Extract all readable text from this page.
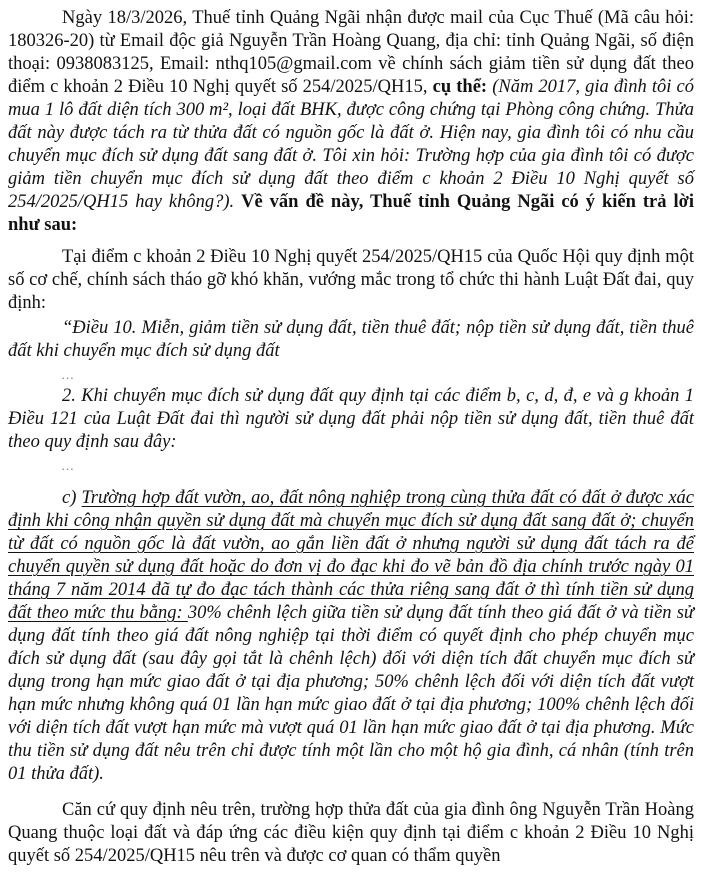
Ngày 18/3/2026, Thuế tỉnh Quảng Ngãi nhận được mail của Cục Thuế (Mã câu hỏi: 180326-20) từ Email độc giả Nguyễn Trần Hoàng Quang, địa chỉ: tỉnh Quảng Ngãi, số điện thoại: 0938083125, Email: nthq105@gmail.com về chính sách giảm tiền sử dụng đất theo điểm c khoản 2 Điều 10 Nghị quyết số 254/2025/QH15, cụ thể: (Năm 2017, gia đình tôi có mua 1 lô đất diện tích 300 m², loại đất BHK, được công chứng tại Phòng công chứng. Thửa đất này được tách ra từ thửa đất có nguồn gốc là đất ở. Hiện nay, gia đình tôi có nhu cầu chuyển mục đích sử dụng đất sang đất ở. Tôi xin hỏi: Trường hợp của gia đình tôi có được giảm tiền chuyển mục đích sử dụng đất theo điểm c khoản 2 Điều 10 Nghị quyết số 254/2025/QH15 hay không?). Về vấn đề này, Thuế tỉnh Quảng Ngãi có ý kiến trả lời như sau:

Tại điểm c khoản 2 Điều 10 Nghị quyết 254/2025/QH15 của Quốc Hội quy định một số cơ chế, chính sách tháo gỡ khó khăn, vướng mắc trong tổ chức thi hành Luật Đất đai, quy định:

“Điều 10. Miễn, giảm tiền sử dụng đất, tiền thuê đất; nộp tiền sử dụng đất, tiền thuê đất khi chuyển mục đích sử dụng đất

…

2. Khi chuyển mục đích sử dụng đất quy định tại các điểm b, c, d, đ, e và g khoản 1 Điều 121 của Luật Đất đai thì người sử dụng đất phải nộp tiền sử dụng đất, tiền thuê đất theo quy định sau đây:

…

c) Trường hợp đất vườn, ao, đất nông nghiệp trong cùng thửa đất có đất ở được xác định khi công nhận quyền sử dụng đất mà chuyển mục đích sử dụng đất sang đất ở; chuyển từ đất có nguồn gốc là đất vườn, ao gắn liền đất ở nhưng người sử dụng đất tách ra để chuyển quyền sử dụng đất hoặc do đơn vị đo đạc khi đo vẽ bản đồ địa chính trước ngày 01 tháng 7 năm 2014 đã tự đo đạc tách thành các thửa riêng sang đất ở thì tính tiền sử dụng đất theo mức thu bằng: 30% chênh lệch giữa tiền sử dụng đất tính theo giá đất ở và tiền sử dụng đất tính theo giá đất nông nghiệp tại thời điểm có quyết định cho phép chuyển mục đích sử dụng đất (sau đây gọi tắt là chênh lệch) đối với diện tích đất chuyển mục đích sử dụng trong hạn mức giao đất ở tại địa phương; 50% chênh lệch đối với diện tích đất vượt hạn mức nhưng không quá 01 lần hạn mức giao đất ở tại địa phương; 100% chênh lệch đối với diện tích đất vượt hạn mức mà vượt quá 01 lần hạn mức giao đất ở tại địa phương. Mức thu tiền sử dụng đất nêu trên chỉ được tính một lần cho một hộ gia đình, cá nhân (tính trên 01 thửa đất).

Căn cứ quy định nêu trên, trường hợp thửa đất của gia đình ông Nguyễn Trần Hoàng Quang thuộc loại đất và đáp ứng các điều kiện quy định tại điểm c khoản 2 Điều 10 Nghị quyết số 254/2025/QH15 nêu trên và được cơ quan có thẩm quyền
